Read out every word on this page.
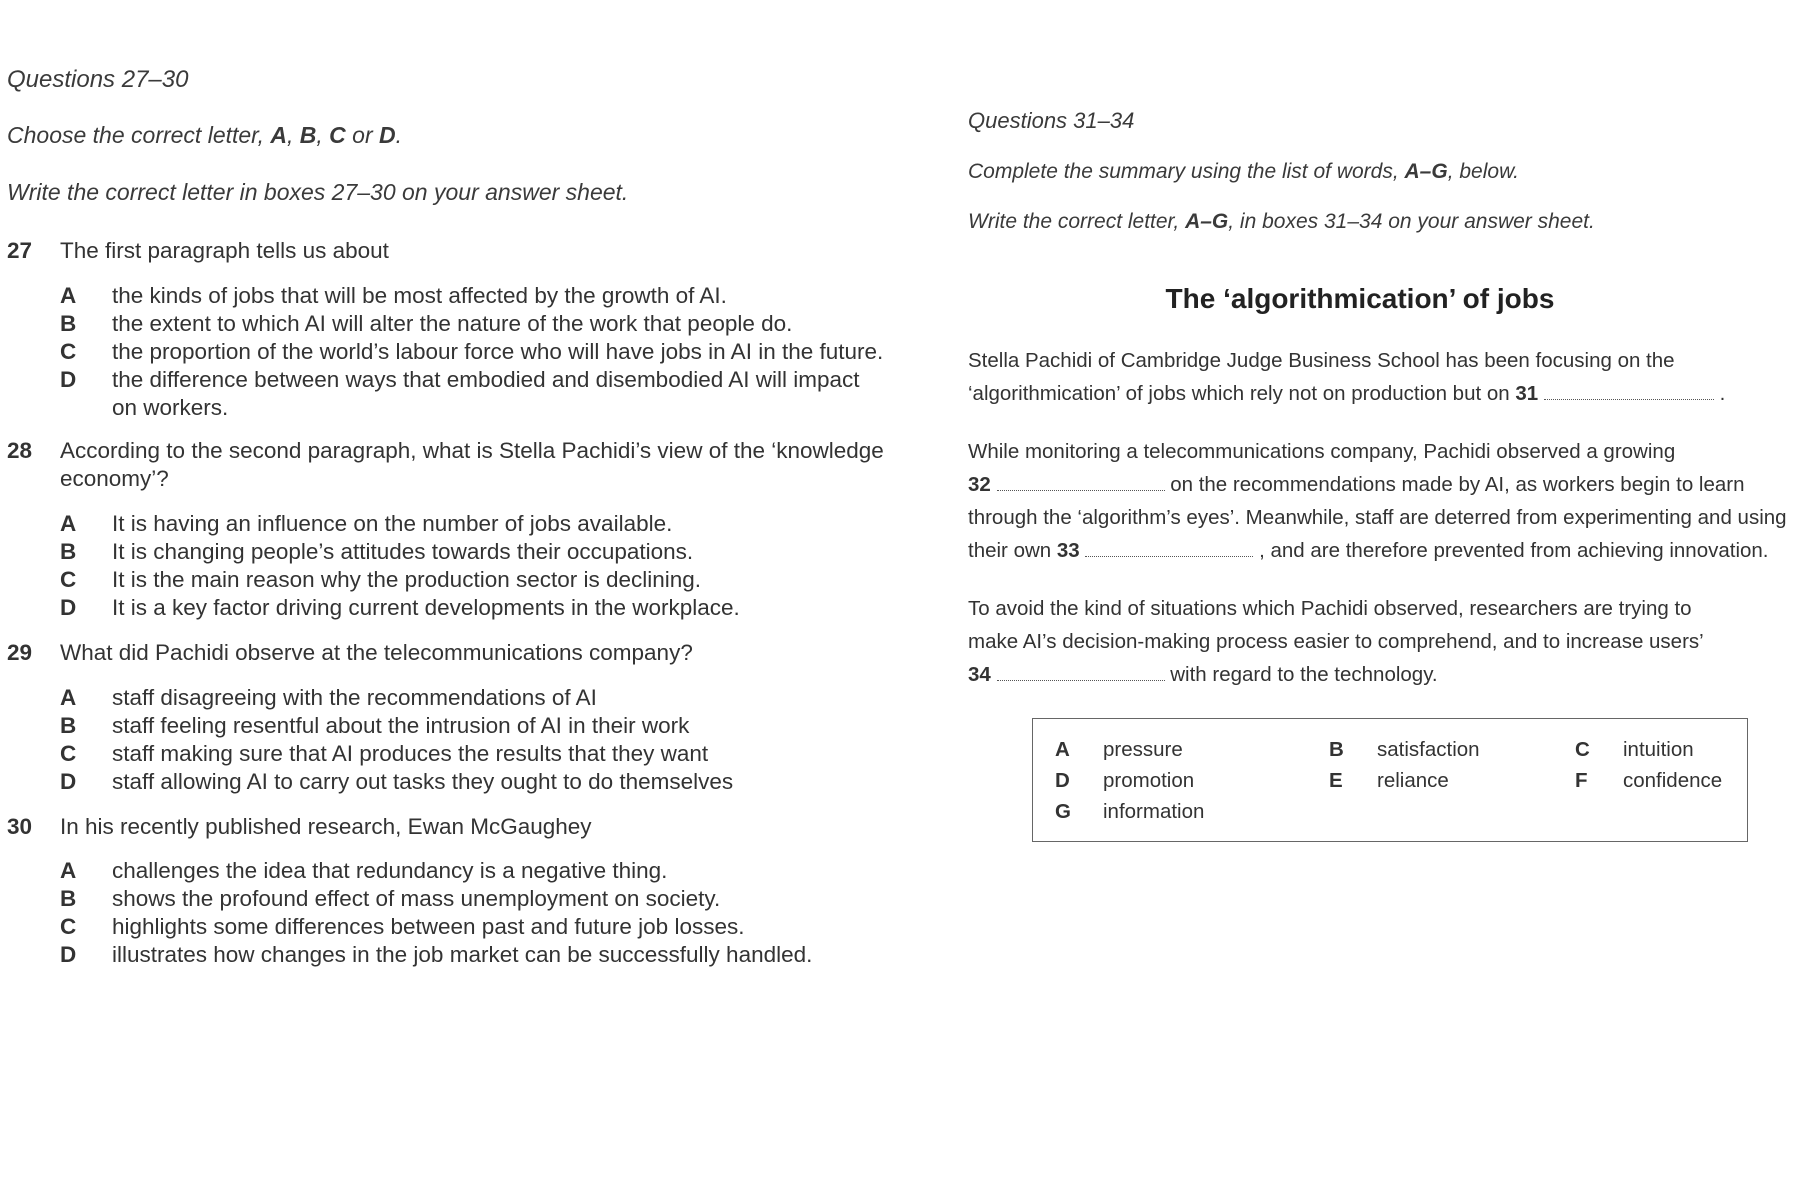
Questions 27–30
Choose the correct letter, A, B, C or D.
Write the correct letter in boxes 27–30 on your answer sheet.
27 The first paragraph tells us about
A the kinds of jobs that will be most affected by the growth of AI.
B the extent to which AI will alter the nature of the work that people do.
C the proportion of the world’s labour force who will have jobs in AI in the future.
D the difference between ways that embodied and disembodied AI will impact
on workers.
28 According to the second paragraph, what is Stella Pachidi’s view of the ‘knowledge
economy’?
A It is having an influence on the number of jobs available.
B It is changing people’s attitudes towards their occupations.
C It is the main reason why the production sector is declining.
D It is a key factor driving current developments in the workplace.
29 What did Pachidi observe at the telecommunications company?
A staff disagreeing with the recommendations of AI
B staff feeling resentful about the intrusion of AI in their work
C staff making sure that AI produces the results that they want
D staff allowing AI to carry out tasks they ought to do themselves
30 In his recently published research, Ewan McGaughey
A challenges the idea that redundancy is a negative thing.
B shows the profound effect of mass unemployment on society.
C highlights some differences between past and future job losses.
D illustrates how changes in the job market can be successfully handled.
Questions 31–34
Complete the summary using the list of words, A–G, below.
Write the correct letter, A–G, in boxes 31–34 on your answer sheet.
The ‘algorithmication’ of jobs
Stella Pachidi of Cambridge Judge Business School has been focusing on the
‘algorithmication’ of jobs which rely not on production but on 31	.
While monitoring a telecommunications company, Pachidi observed a growing
32	on the recommendations made by AI, as workers begin to learn
through the ‘algorithm’s eyes’. Meanwhile, staff are deterred from experimenting and using
their own 33	, and are therefore prevented from achieving innovation.
To avoid the kind of situations which Pachidi observed, researchers are trying to
make AI’s decision-making process easier to comprehend, and to increase users’
34	with regard to the technology.
A pressure	B satisfaction	C intuition
D promotion	E reliance	F confidence
G information
